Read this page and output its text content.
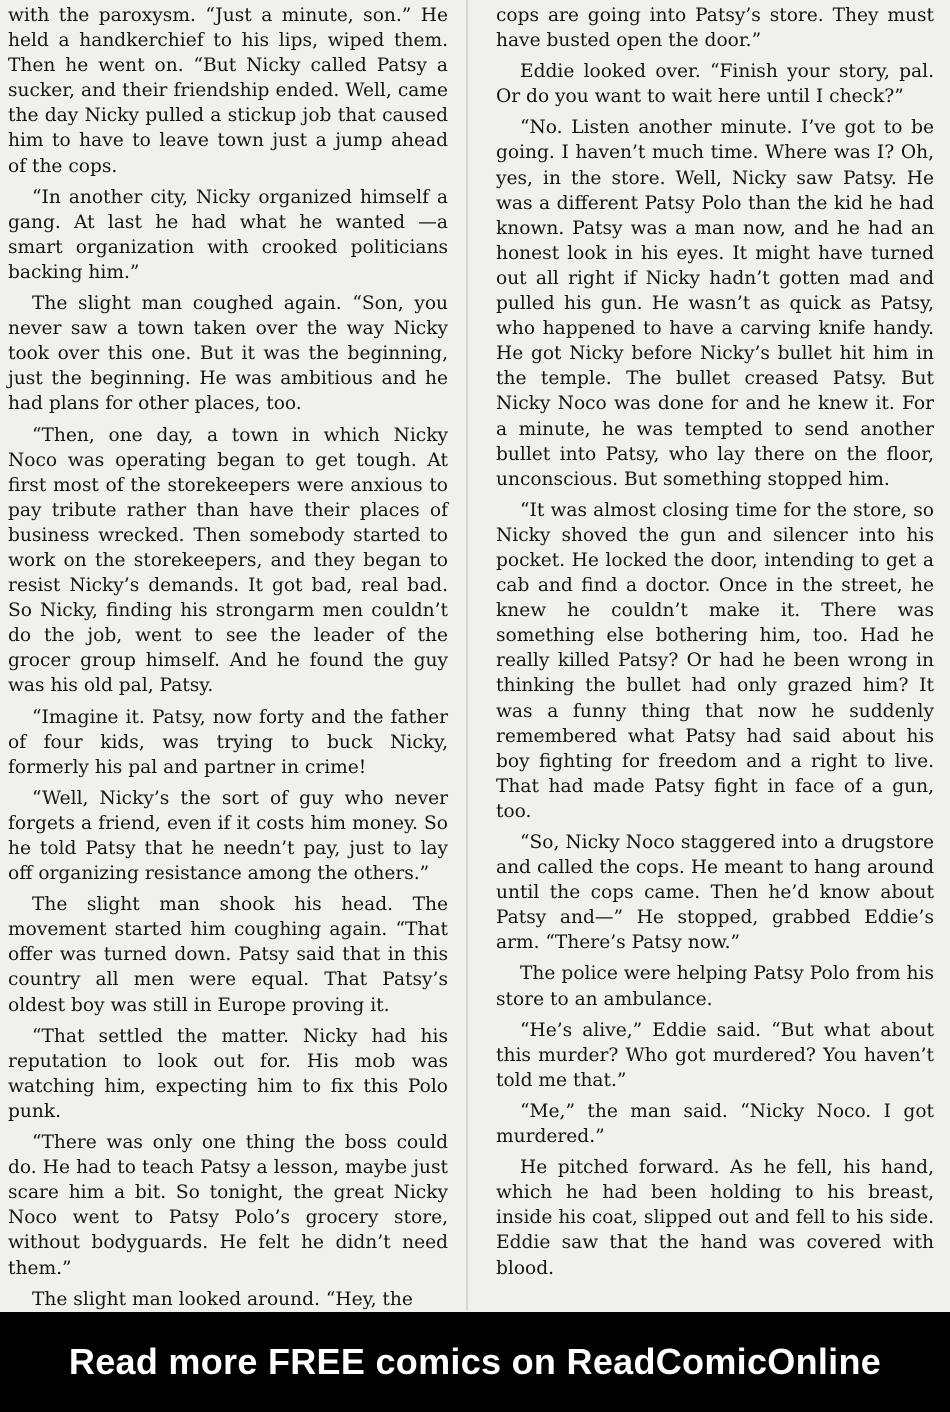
with the paroxysm. “Just a minute, son.” He held a handkerchief to his lips, wiped them. Then he went on. “But Nicky called Patsy a sucker, and their friendship ended. Well, came the day Nicky pulled a stickup job that caused him to have to leave town just a jump ahead of the cops.

“In another city, Nicky organized himself a gang. At last he had what he wanted —a smart organization with crooked politicians backing him.”

The slight man coughed again. “Son, you never saw a town taken over the way Nicky took over this one. But it was the beginning, just the beginning. He was ambitious and he had plans for other places, too.

“Then, one day, a town in which Nicky Noco was operating began to get tough. At first most of the storekeepers were anxious to pay tribute rather than have their places of business wrecked. Then somebody started to work on the storekeepers, and they began to resist Nicky’s demands. It got bad, real bad. So Nicky, finding his strongarm men couldn’t do the job, went to see the leader of the grocer group himself. And he found the guy was his old pal, Patsy.

“Imagine it. Patsy, now forty and the father of four kids, was trying to buck Nicky, formerly his pal and partner in crime!

“Well, Nicky’s the sort of guy who never forgets a friend, even if it costs him money. So he told Patsy that he needn’t pay, just to lay off organizing resistance among the others.”

The slight man shook his head. The movement started him coughing again. “That offer was turned down. Patsy said that in this country all men were equal. That Patsy’s oldest boy was still in Europe proving it.

“That settled the matter. Nicky had his reputation to look out for. His mob was watching him, expecting him to fix this Polo punk.

“There was only one thing the boss could do. He had to teach Patsy a lesson, maybe just scare him a bit. So tonight, the great Nicky Noco went to Patsy Polo’s grocery store, without bodyguards. He felt he didn’t need them.”

The slight man looked around. “Hey, the

cops are going into Patsy’s store. They must have busted open the door.”

Eddie looked over. “Finish your story, pal. Or do you want to wait here until I check?”

“No. Listen another minute. I’ve got to be going. I haven’t much time. Where was I? Oh, yes, in the store. Well, Nicky saw Patsy. He was a different Patsy Polo than the kid he had known. Patsy was a man now, and he had an honest look in his eyes. It might have turned out all right if Nicky hadn’t gotten mad and pulled his gun. He wasn’t as quick as Patsy, who happened to have a carving knife handy. He got Nicky before Nicky’s bullet hit him in the temple. The bullet creased Patsy. But Nicky Noco was done for and he knew it. For a minute, he was tempted to send another bullet into Patsy, who lay there on the floor, unconscious. But something stopped him.

“It was almost closing time for the store, so Nicky shoved the gun and silencer into his pocket. He locked the door, intending to get a cab and find a doctor. Once in the street, he knew he couldn’t make it. There was something else bothering him, too. Had he really killed Patsy? Or had he been wrong in thinking the bullet had only grazed him? It was a funny thing that now he suddenly remembered what Patsy had said about his boy fighting for freedom and a right to live. That had made Patsy fight in face of a gun, too.

“So, Nicky Noco staggered into a drugstore and called the cops. He meant to hang around until the cops came. Then he’d know about Patsy and—” He stopped, grabbed Eddie’s arm. “There’s Patsy now.”

The police were helping Patsy Polo from his store to an ambulance.

“He’s alive,” Eddie said. “But what about this murder? Who got murdered? You haven’t told me that.”

“Me,” the man said. “Nicky Noco. I got murdered.”

He pitched forward. As he fell, his hand, which he had been holding to his breast, inside his coat, slipped out and fell to his side. Eddie saw that the hand was covered with blood.

Read more FREE comics on ReadComicOnline
